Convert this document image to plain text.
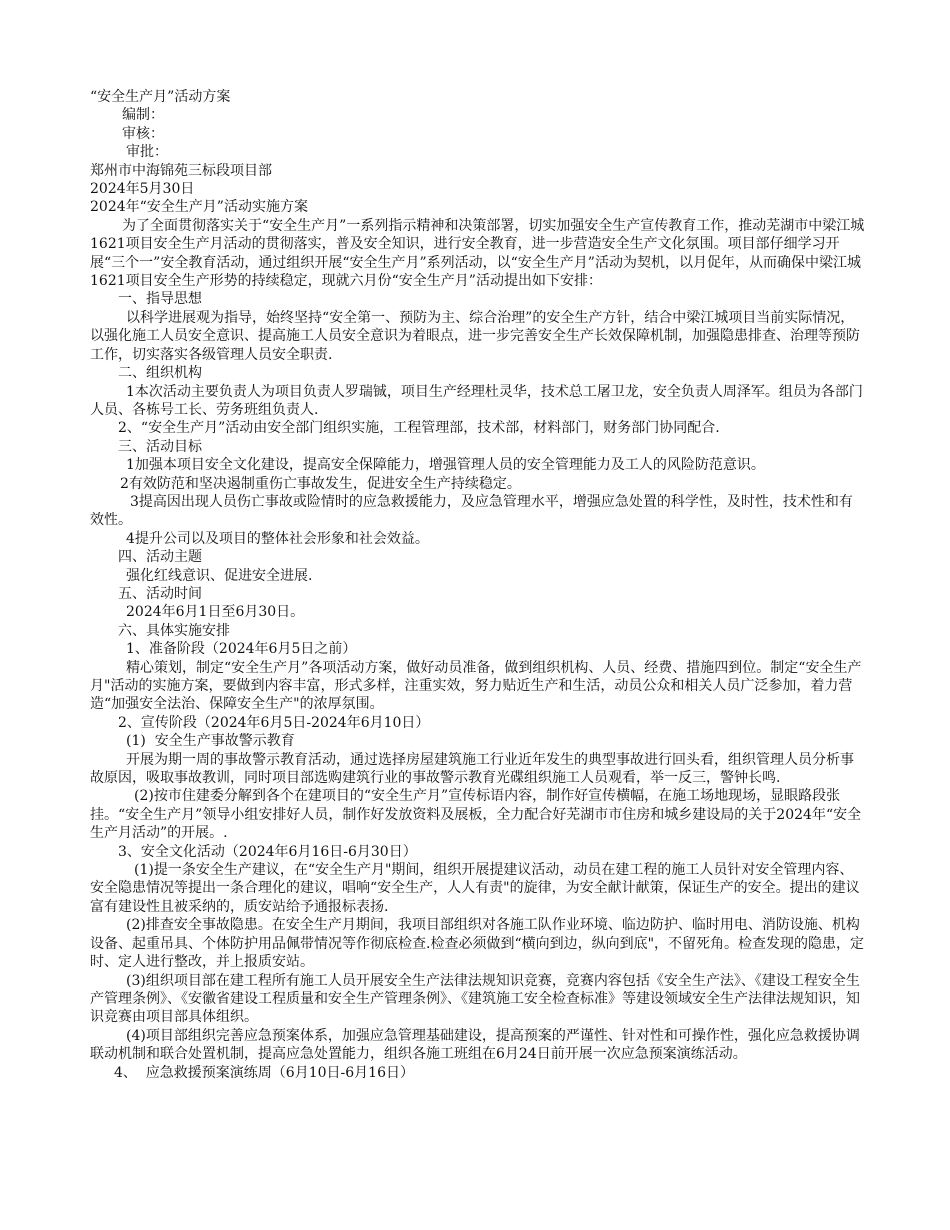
“安全生产月”活动方案

编制：

审核：

审批：

郑州市中海锦苑三标段项目部

2024年5月30日

2024年“安全生产月”活动实施方案

为了全面贯彻落实关于“安全生产月”一系列指示精神和决策部署，切实加强安全生产宣传教育工作，推动芜湖市中梁江城1621项目安全生产月活动的贯彻落实，普及安全知识，进行安全教育，进一步营造安全生产文化氛围。项目部仔细学习开展“三个一”安全教育活动，通过组织开展“安全生产月”系列活动，以“安全生产月”活动为契机，以月促年，从而确保中梁江城1621项目安全生产形势的持续稳定，现就六月份“安全生产月”活动提出如下安排：

一、指导思想

以科学进展观为指导，始终坚持“安全第一、预防为主、综合治理”的安全生产方针，结合中梁江城项目当前实际情况，以强化施工人员安全意识、提高施工人员安全意识为着眼点，进一步完善安全生产长效保障机制，加强隐患排查、治理等预防工作，切实落实各级管理人员安全职责.

二、组织机构

1本次活动主要负责人为项目负责人罗瑞铖，项目生产经理杜灵华，技术总工屠卫龙，安全负责人周泽军。组员为各部门人员、各栋号工长、劳务班组负责人.

2、“安全生产月”活动由安全部门组织实施，工程管理部，技术部，材料部门，财务部门协同配合.

三、活动目标

1加强本项目安全文化建设，提高安全保障能力，增强管理人员的安全管理能力及工人的风险防范意识。

2有效防范和坚决遏制重伤亡事故发生，促进安全生产持续稳定。

3提高因出现人员伤亡事故或险情时的应急救援能力，及应急管理水平，增强应急处置的科学性，及时性，技术性和有效性。

4提升公司以及项目的整体社会形象和社会效益。

四、活动主题

强化红线意识、促进安全进展.

五、活动时间

2024年6月1日至6月30日。

六、具体实施安排

1、准备阶段（2024年6月5日之前）

精心策划，制定“安全生产月”各项活动方案，做好动员准备，做到组织机构、人员、经费、措施四到位。制定“安全生产月"活动的实施方案，要做到内容丰富，形式多样，注重实效，努力贴近生产和生活，动员公众和相关人员广泛参加，着力营造“加强安全法治、保障安全生产"的浓厚氛围。

2、宣传阶段（2024年6月5日-2024年6月10日）

(1)  安全生产事故警示教育

开展为期一周的事故警示教育活动，通过选择房屋建筑施工行业近年发生的典型事故进行回头看，组织管理人员分析事故原因，吸取事故教训，同时项目部选购建筑行业的事故警示教育光碟组织施工人员观看，举一反三，警钟长鸣.

(2)按市住建委分解到各个在建项目的“安全生产月”宣传标语内容，制作好宣传横幅，在施工场地现场，显眼路段张挂。“安全生产月”领导小组安排好人员，制作好发放资料及展板，全力配合好芜湖市市住房和城乡建设局的关于2024年“安全生产月活动”的开展。.

3、安全文化活动（2024年6月16日-6月30日）

(1)提一条安全生产建议，在“安全生产月"期间，组织开展提建议活动，动员在建工程的施工人员针对安全管理内容、安全隐患情况等提出一条合理化的建议，唱响“安全生产，人人有责"的旋律，为安全献计献策，保证生产的安全。提出的建议富有建设性且被采纳的，质安站给予通报标表扬.

(2)排查安全事故隐患。在安全生产月期间，我项目部组织对各施工队作业环境、临边防护、临时用电、消防设施、机构设备、起重吊具、个体防护用品佩带情况等作彻底检查.检查必须做到“横向到边，纵向到底"，不留死角。检查发现的隐患，定时、定人进行整改，并上报质安站。

(3)组织项目部在建工程所有施工人员开展安全生产法律法规知识竞赛，竞赛内容包括《安全生产法》、《建设工程安全生产管理条例》、《安徽省建设工程质量和安全生产管理条例》、《建筑施工安全检查标准》等建设领域安全生产法律法规知识，知识竞赛由项目部具体组织。

(4)项目部组织完善应急预案体系，加强应急管理基础建设，提高预案的严谨性、针对性和可操作性，强化应急救援协调联动机制和联合处置机制，提高应急处置能力，组织各施工班组在6月24日前开展一次应急预案演练活动。

4、  应急救援预案演练周（6月10日-6月16日）
